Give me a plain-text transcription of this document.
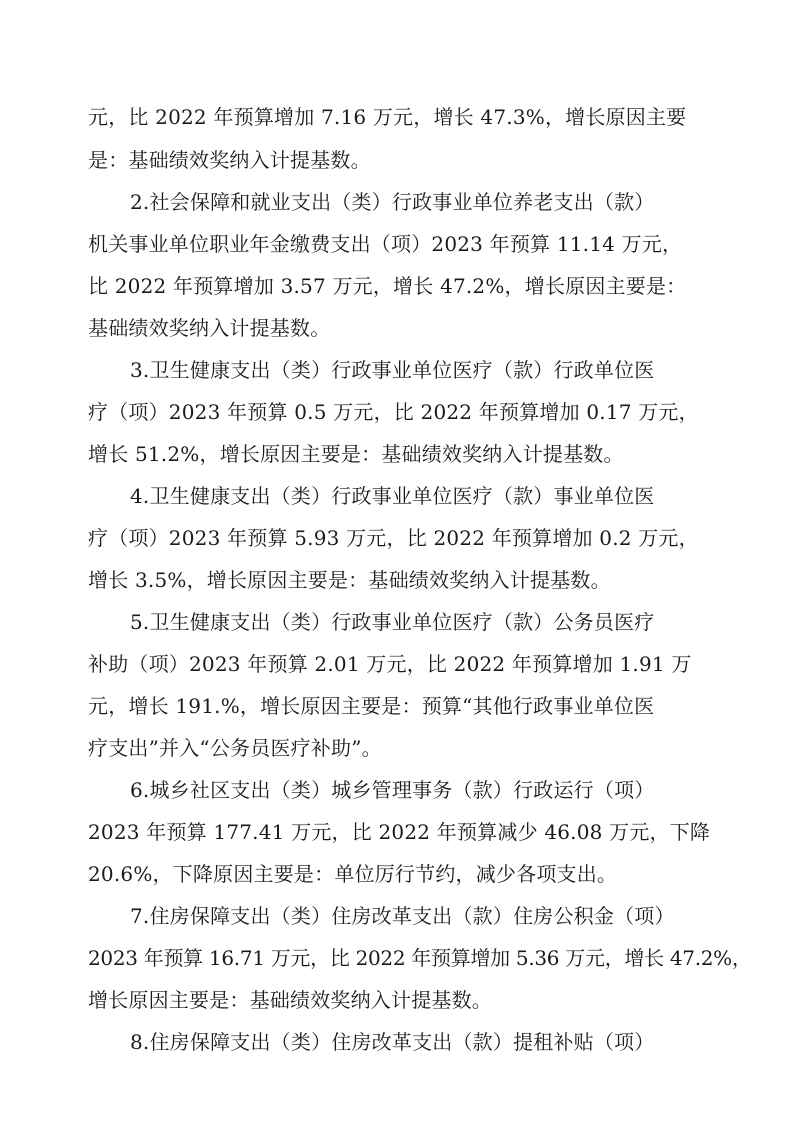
元，比 2022 年预算增加 7.16 万元，增长 47.3%，增长原因主要
是：基础绩效奖纳入计提基数。
2.社会保障和就业支出（类）行政事业单位养老支出（款）
机关事业单位职业年金缴费支出（项）2023 年预算 11.14 万元，
比 2022 年预算增加 3.57 万元，增长 47.2%，增长原因主要是：
基础绩效奖纳入计提基数。
3.卫生健康支出（类）行政事业单位医疗（款）行政单位医
疗（项）2023 年预算 0.5 万元，比 2022 年预算增加 0.17 万元，
增长 51.2%，增长原因主要是：基础绩效奖纳入计提基数。
4.卫生健康支出（类）行政事业单位医疗（款）事业单位医
疗（项）2023 年预算 5.93 万元，比 2022 年预算增加 0.2 万元，
增长 3.5%，增长原因主要是：基础绩效奖纳入计提基数。
5.卫生健康支出（类）行政事业单位医疗（款）公务员医疗
补助（项）2023 年预算 2.01 万元，比 2022 年预算增加 1.91 万
元，增长 191.%，增长原因主要是：预算“其他行政事业单位医
疗支出”并入“公务员医疗补助”。
6.城乡社区支出（类）城乡管理事务（款）行政运行（项）
2023 年预算 177.41 万元，比 2022 年预算减少 46.08 万元，下降
20.6%，下降原因主要是：单位厉行节约，减少各项支出。
7.住房保障支出（类）住房改革支出（款）住房公积金（项）
2023 年预算 16.71 万元，比 2022 年预算增加 5.36 万元，增长 47.2%，
增长原因主要是：基础绩效奖纳入计提基数。
8.住房保障支出（类）住房改革支出（款）提租补贴（项）
